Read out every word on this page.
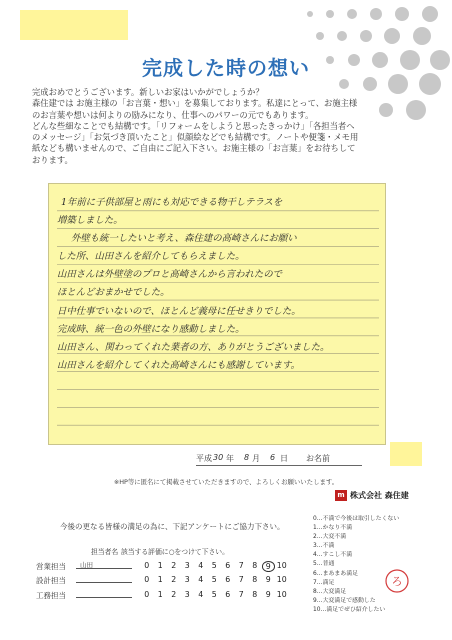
完成した時の想い
完成おめでとうございます。新しいお家はいかがでしょうか？
森住建では お施主様の「お言葉・想い」を募集しております。私達にとって、お施主様
のお言葉や想いは何よりの励みになり、仕事へのパワーの元でもあります。
どんな些細なことでも結構です。「リフォームをしようと思ったきっかけ」「各担当者へ
のメッセージ」「お気づき頂いたこと」似顔絵などでも結構です。ノートや便箋・メモ用
紙なども構いませんので、ご自由にご記入下さい。お施主様の「お言葉」をお待ちして
おります。
1年前に子供部屋と雨にも対応できる物干しテラスを
増築しました。
外壁も統一したいと考え、森住建の高崎さんにお願い
した所、山田さんを紹介してもらえました。
山田さんは外壁塗のプロと高崎さんから言われたので
ほとんどおまかせでした。
日中仕事でいないので、ほとんど義母に任せきりでした。
完成時、統一色の外壁になり感動しました。
山田さん、関わってくれた業者の方、ありがとうございました。
山田さんを紹介してくれた高崎さんにも感謝しています。
平成 30 年 8 月 6 日 お名前
※HP等に匿名にて掲載させていただきますので、よろしくお願いいたします。
m 株式会社 森住建
今後の更なる皆様の満足の為に、下記アンケートにご協力下さい。
担当者名 該当する評価に○をつけて下さい。
営業担当	山田	0	1	2	3	4	5	6	7	8	9 10
設計担当	0	1	2	3	4	5	6	7	8	9 10
工務担当	0	1	2	3	4	5	6	7	8	9 10
0…不満で今後は取引したくない
1…かなり不満
2…大変不満
3…不満
4…すこし不満
5…普通
6…まあまあ満足
7…満足
8…大変満足
9…大変満足で感動した
10…満足でぜひ紹介したい
ろ
